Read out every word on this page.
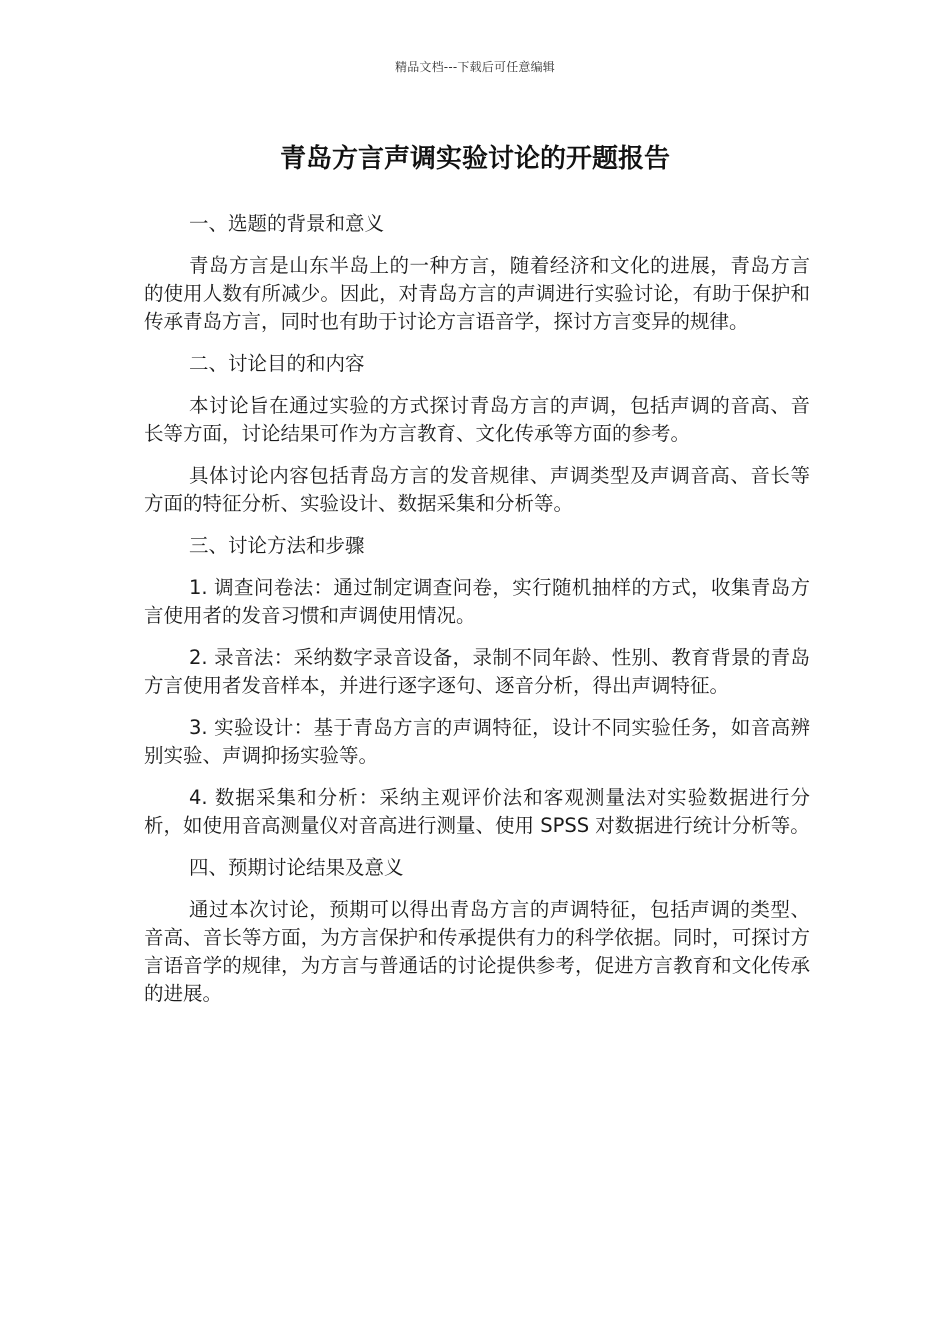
精品文档---下载后可任意编辑
青岛方言声调实验讨论的开题报告

一、选题的背景和意义

青岛方言是山东半岛上的一种方言，随着经济和文化的进展，青岛方言的使用人数有所减少。因此，对青岛方言的声调进行实验讨论，有助于保护和传承青岛方言，同时也有助于讨论方言语音学，探讨方言变异的规律。

二、讨论目的和内容

本讨论旨在通过实验的方式探讨青岛方言的声调，包括声调的音高、音长等方面，讨论结果可作为方言教育、文化传承等方面的参考。

具体讨论内容包括青岛方言的发音规律、声调类型及声调音高、音长等方面的特征分析、实验设计、数据采集和分析等。

三、讨论方法和步骤

1. 调查问卷法：通过制定调查问卷，实行随机抽样的方式，收集青岛方言使用者的发音习惯和声调使用情况。

2. 录音法：采纳数字录音设备，录制不同年龄、性别、教育背景的青岛方言使用者发音样本，并进行逐字逐句、逐音分析，得出声调特征。

3. 实验设计：基于青岛方言的声调特征，设计不同实验任务，如音高辨别实验、声调抑扬实验等。

4. 数据采集和分析：采纳主观评价法和客观测量法对实验数据进行分析，如使用音高测量仪对音高进行测量、使用 SPSS 对数据进行统计分析等。

四、预期讨论结果及意义

通过本次讨论，预期可以得出青岛方言的声调特征，包括声调的类型、音高、音长等方面，为方言保护和传承提供有力的科学依据。同时，可探讨方言语音学的规律，为方言与普通话的讨论提供参考，促进方言教育和文化传承的进展。
